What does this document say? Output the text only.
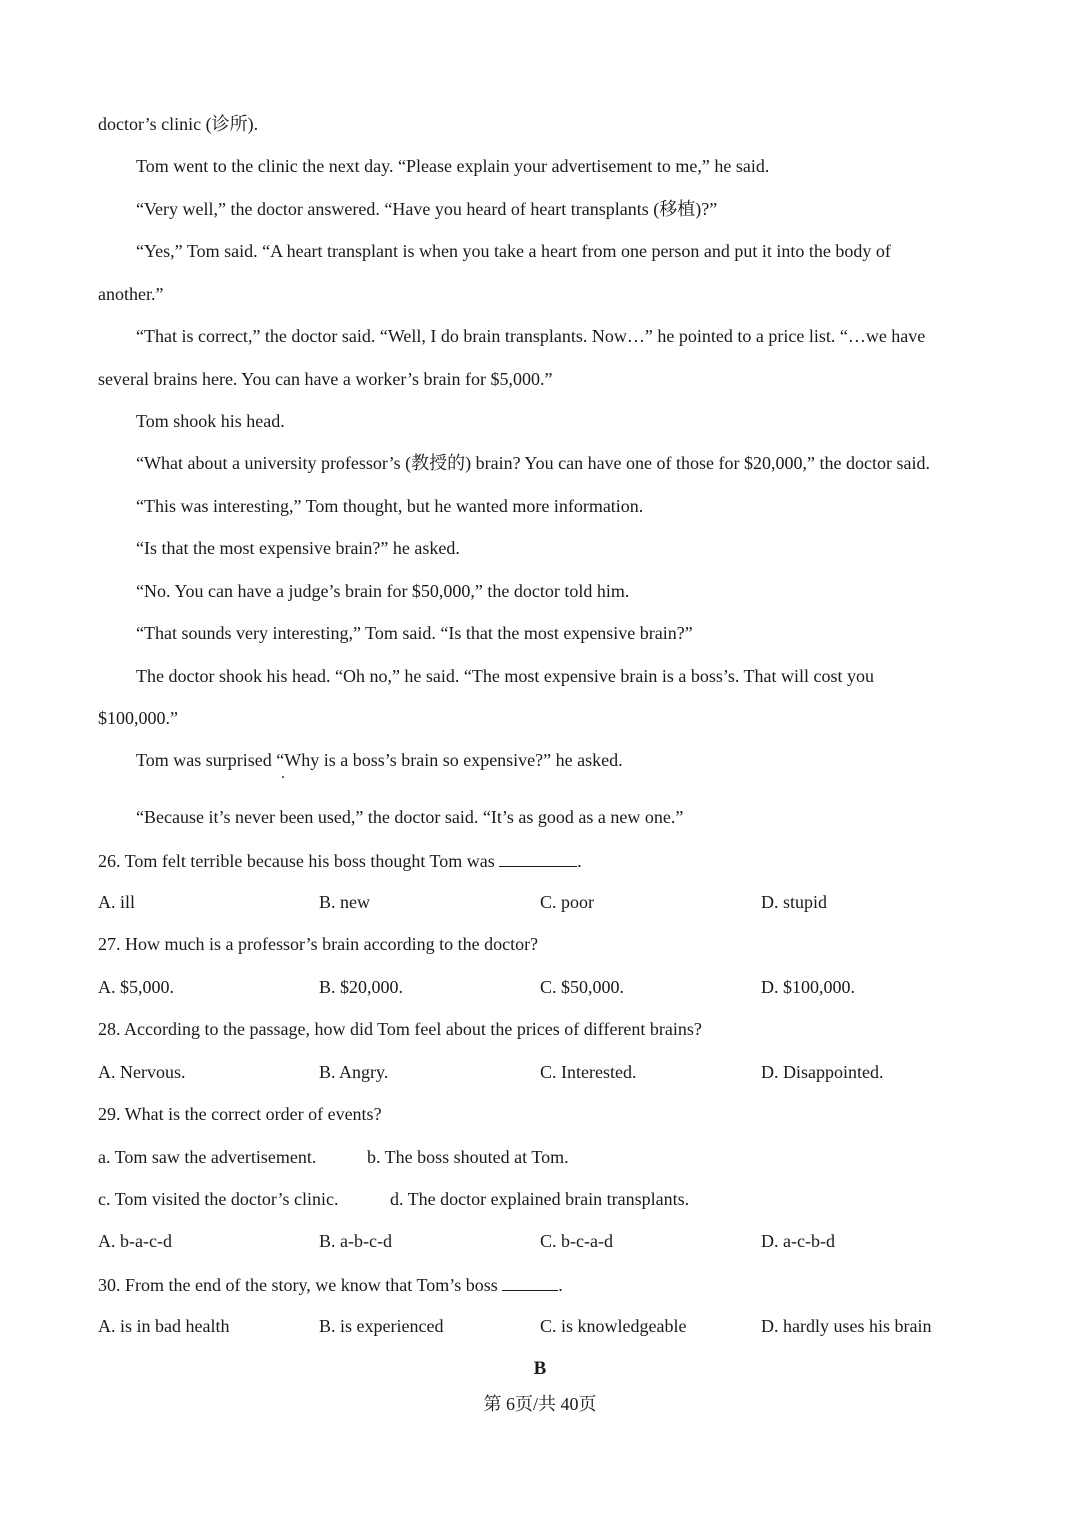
doctor’s clinic (诊所).
Tom went to the clinic the next day. “Please explain your advertisement to me,” he said.
“Very well,” the doctor answered. “Have you heard of heart transplants (移植)?”
“Yes,” Tom said. “A heart transplant is when you take a heart from one person and put it into the body of
another.”
“That is correct,” the doctor said. “Well, I do brain transplants. Now…” he pointed to a price list. “…we have
several brains here. You can have a worker’s brain for $5,000.”
Tom shook his head.
“What about a university professor’s (教授的) brain? You can have one of those for $20,000,” the doctor said.
“This was interesting,” Tom thought, but he wanted more information.
“Is that the most expensive brain?” he asked.
“No. You can have a judge’s brain for $50,000,” the doctor told him.
“That sounds very interesting,” Tom said. “Is that the most expensive brain?”
The doctor shook his head. “Oh no,” he said. “The most expensive brain is a boss’s. That will cost you
$100,000.”
Tom was surprised “Why is a boss’s brain so expensive?” he asked.
“Because it’s never been used,” the doctor said. “It’s as good as a new one.”
26. Tom felt terrible because his boss thought Tom was	.
A. ill	B. new	C. poor	D. stupid
27. How much is a professor’s brain according to the doctor?
A. $5,000.	B. $20,000.	C. $50,000.	D. $100,000.
28. According to the passage, how did Tom feel about the prices of different brains?
A. Nervous.	B. Angry.	C. Interested.	D. Disappointed.
29. What is the correct order of events?
a. Tom saw the advertisement.	b. The boss shouted at Tom.
c. Tom visited the doctor’s clinic.	d. The doctor explained brain transplants.
A. b-a-c-d	B. a-b-c-d	C. b-c-a-d	D. a-c-b-d
30. From the end of the story, we know that Tom’s boss	.
A. is in bad health	B. is experienced	C. is knowledgeable	D. hardly uses his brain
B
第 6页/共 40页
